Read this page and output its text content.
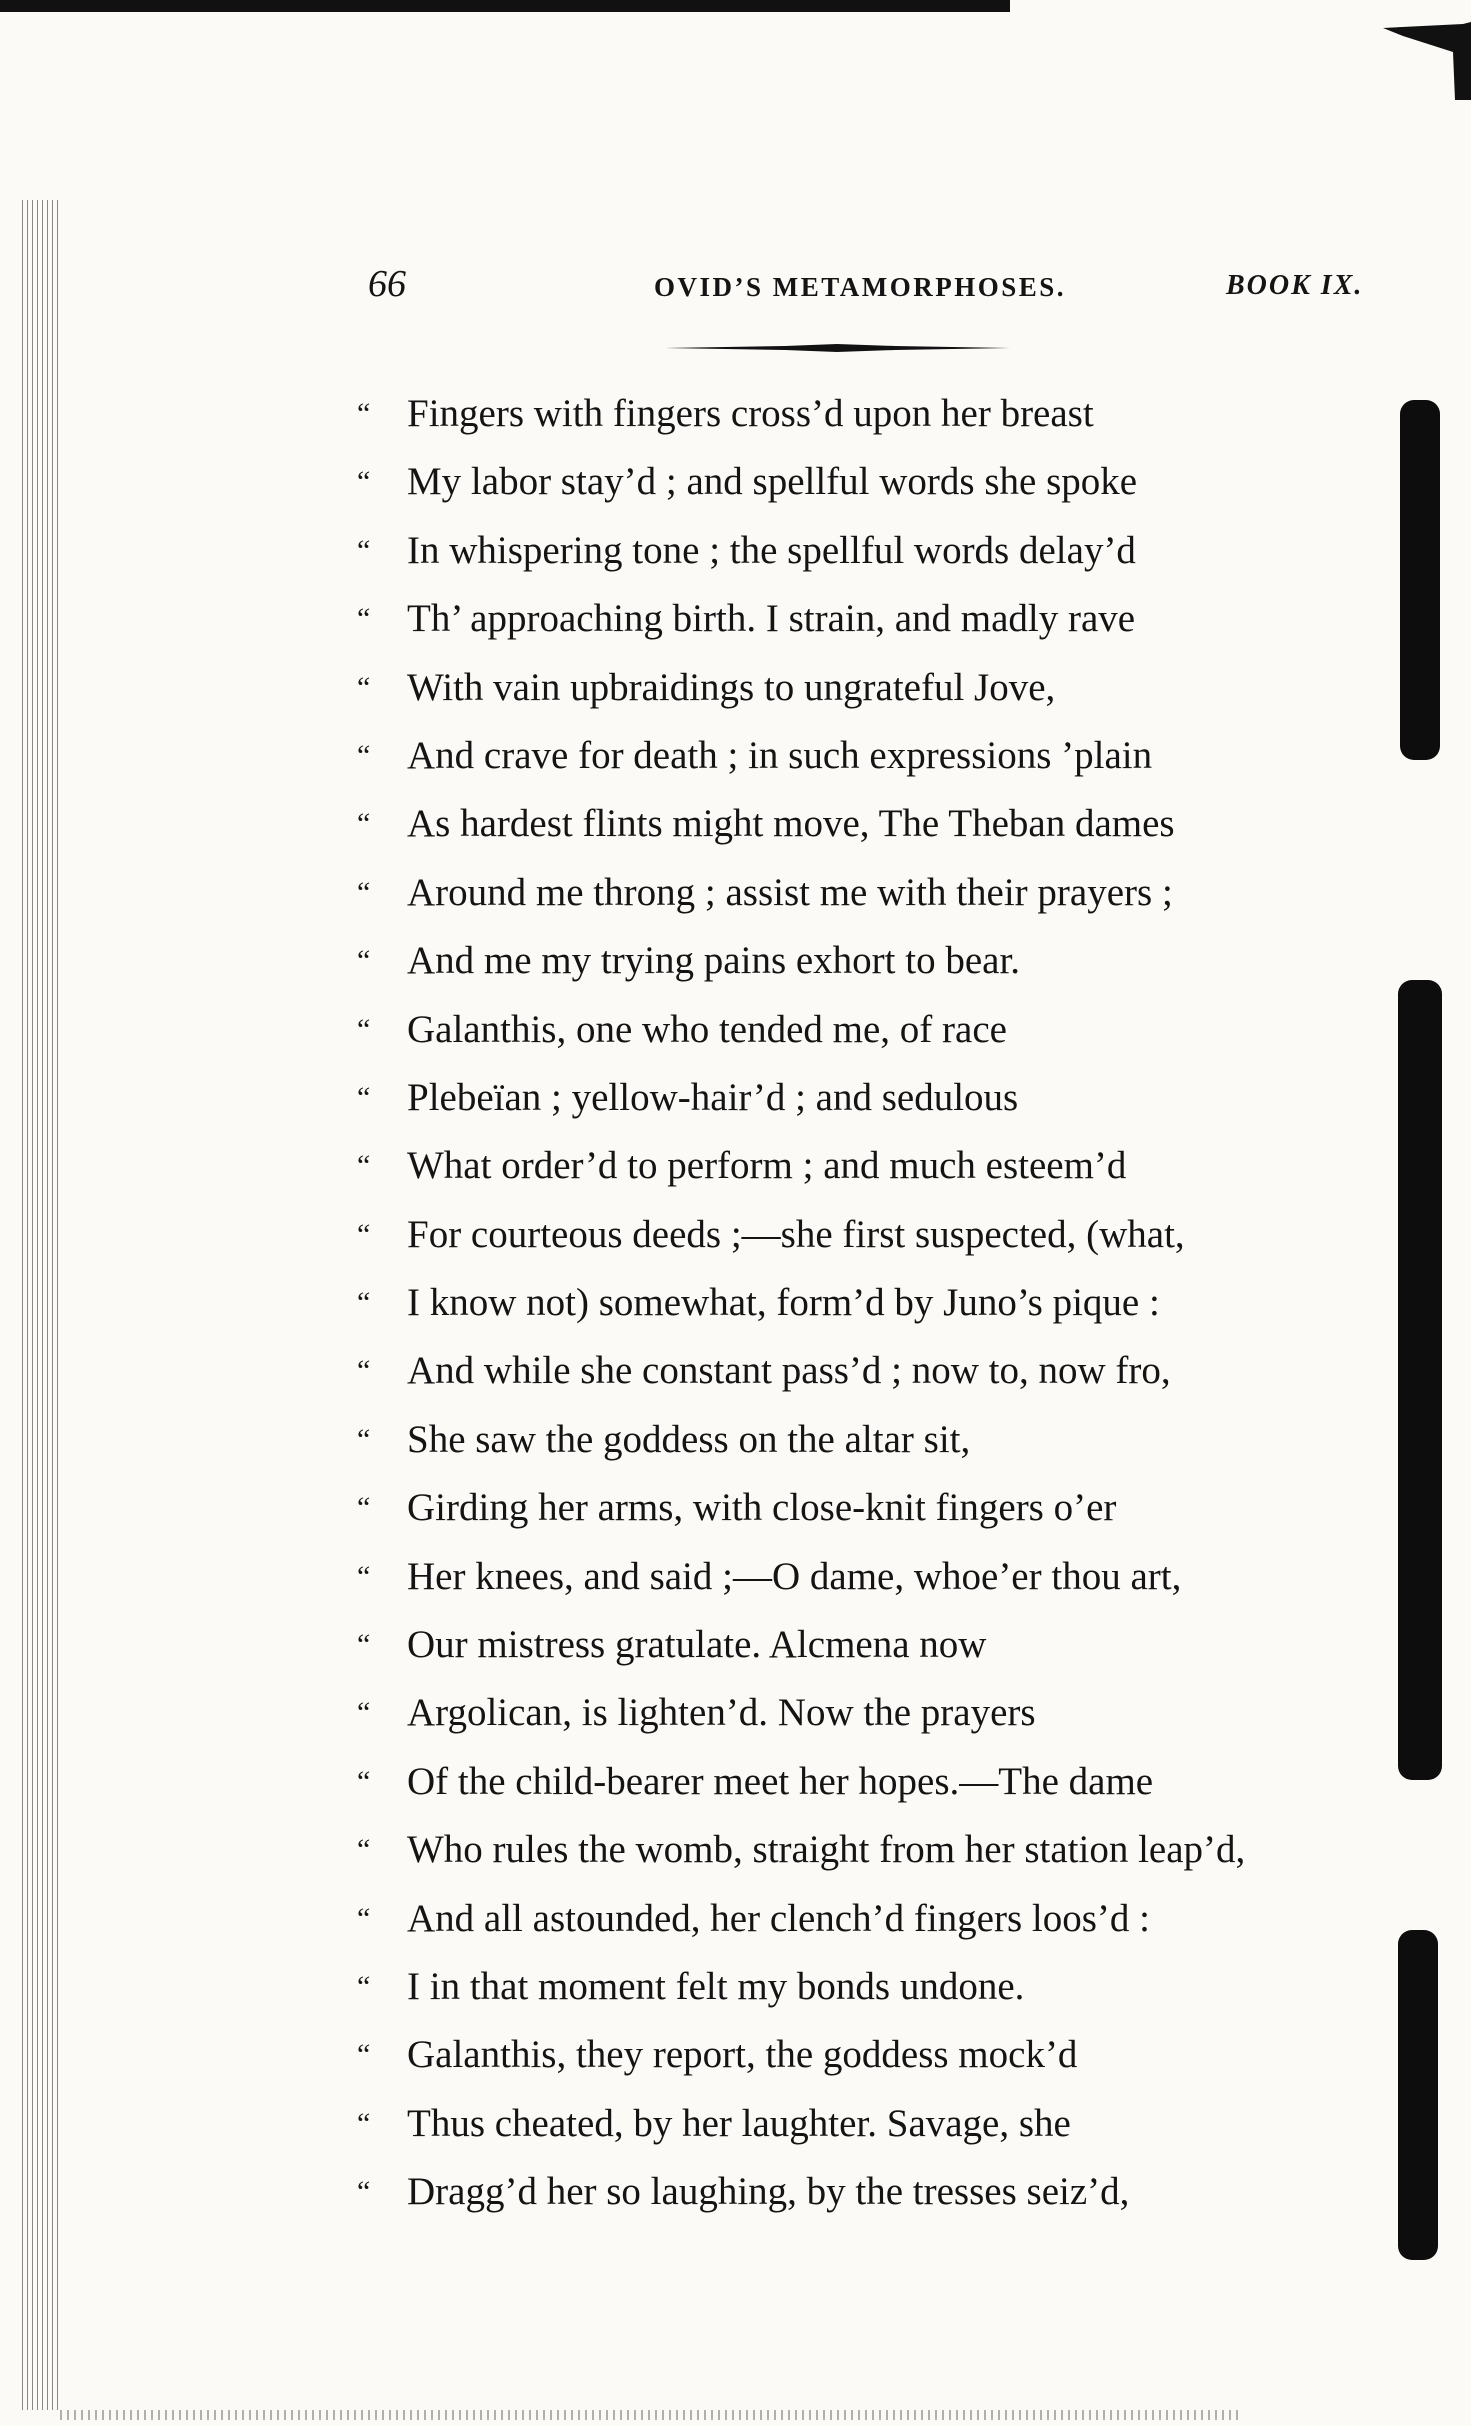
66	OVID’S METAMORPHOSES.	BOOK IX.
“ Fingers with fingers cross’d upon her breast
“ My labor stay’d ; and spellful words she spoke
“ In whispering tone ; the spellful words delay’d
“ Th’ approaching birth. I strain, and madly rave
“ With vain upbraidings to ungrateful Jove,
“ And crave for death ; in such expressions ’plain
“ As hardest flints might move, The Theban dames
“ Around me throng ; assist me with their prayers ;
“ And me my trying pains exhort to bear.
“ Galanthis, one who tended me, of race
“ Plebeïan ; yellow-hair’d ; and sedulous
“ What order’d to perform ; and much esteem’d
“ For courteous deeds ;—she first suspected, (what,
“ I know not) somewhat, form’d by Juno’s pique :
“ And while she constant pass’d ; now to, now fro,
“ She saw the goddess on the altar sit,
“ Girding her arms, with close-knit fingers o’er
“ Her knees, and said ;—O dame, whoe’er thou art,
“ Our mistress gratulate. Alcmena now
“ Argolican, is lighten’d. Now the prayers
“ Of the child-bearer meet her hopes.—The dame
“ Who rules the womb, straight from her station leap’d,
“ And all astounded, her clench’d fingers loos’d :
“ I in that moment felt my bonds undone.
“ Galanthis, they report, the goddess mock’d
“ Thus cheated, by her laughter. Savage, she
“ Dragg’d her so laughing, by the tresses seiz’d,
